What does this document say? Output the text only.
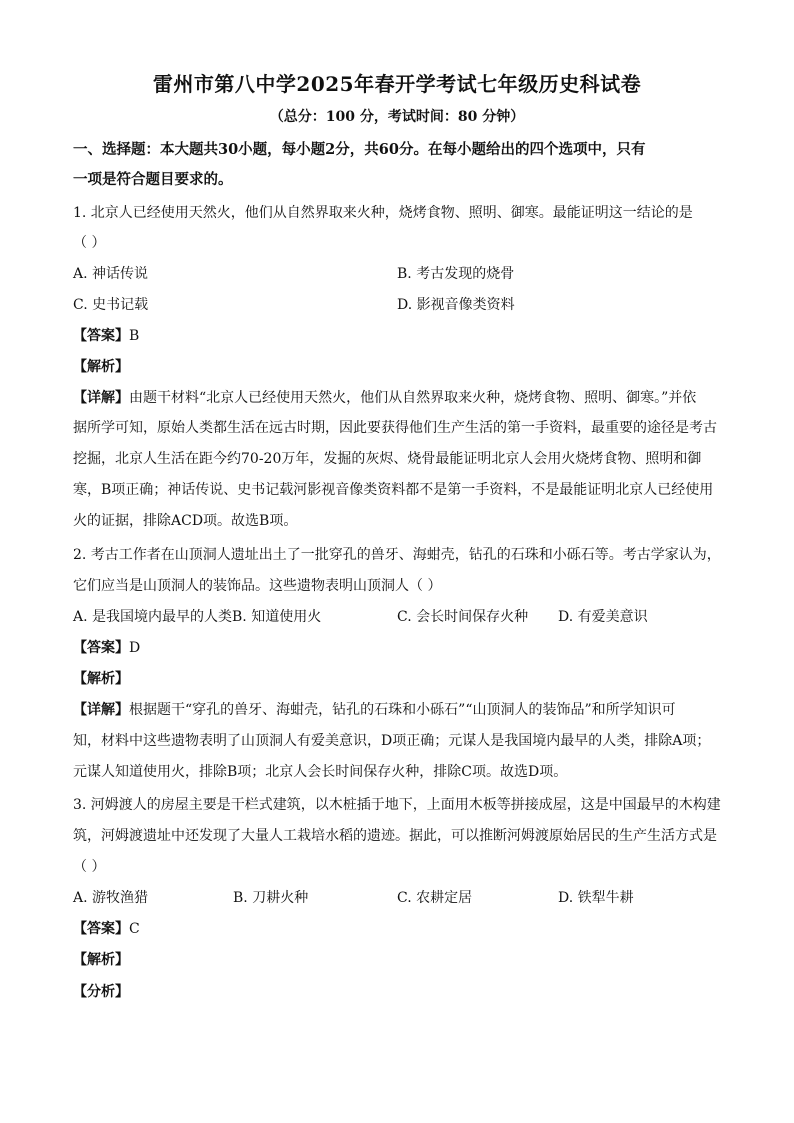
雷州市第八中学2025年春开学考试七年级历史科试卷
（总分：100 分，考试时间：80 分钟）
一、选择题：本大题共30小题，每小题2分，共60分。在每小题给出的四个选项中，只有
一项是符合题目要求的。
1. 北京人已经使用天然火，他们从自然界取来火种，烧烤食物、照明、御寒。最能证明这一结论的是
（ ）
A. 神话传说	B. 考古发现的烧骨
C. 史书记载	D. 影视音像类资料
【答案】B
【解析】
【详解】由题干材料“北京人已经使用天然火，他们从自然界取来火种，烧烤食物、照明、御寒。”并依
据所学可知，原始人类都生活在远古时期，因此要获得他们生产生活的第一手资料，最重要的途径是考古
挖掘，北京人生活在距今约70-20万年，发掘的灰烬、烧骨最能证明北京人会用火烧烤食物、照明和御
寒，B项正确；神话传说、史书记载河影视音像类资料都不是第一手资料，不是最能证明北京人已经使用
火的证据，排除ACD项。故选B项。
2. 考古工作者在山顶洞人遗址出土了一批穿孔的兽牙、海蚶壳，钻孔的石珠和小砾石等。考古学家认为，
它们应当是山顶洞人的装饰品。这些遗物表明山顶洞人（ ）
A. 是我国境内最早的人类B. 知道使用火	C. 会长时间保存火种 D. 有爱美意识
【答案】D
【解析】
【详解】根据题干“穿孔的兽牙、海蚶壳，钻孔的石珠和小砾石”“山顶洞人的装饰品”和所学知识可
知，材料中这些遗物表明了山顶洞人有爱美意识，D项正确；元谋人是我国境内最早的人类，排除A项；
元谋人知道使用火，排除B项；北京人会长时间保存火种，排除C项。故选D项。
3. 河姆渡人的房屋主要是干栏式建筑，以木桩插于地下，上面用木板等拼接成屋，这是中国最早的木构建
筑，河姆渡遗址中还发现了大量人工栽培水稻的遗迹。据此，可以推断河姆渡原始居民的生产生活方式是
（ ）
A. 游牧渔猎	B. 刀耕火种	C. 农耕定居	D. 铁犁牛耕
【答案】C
【解析】
【分析】
